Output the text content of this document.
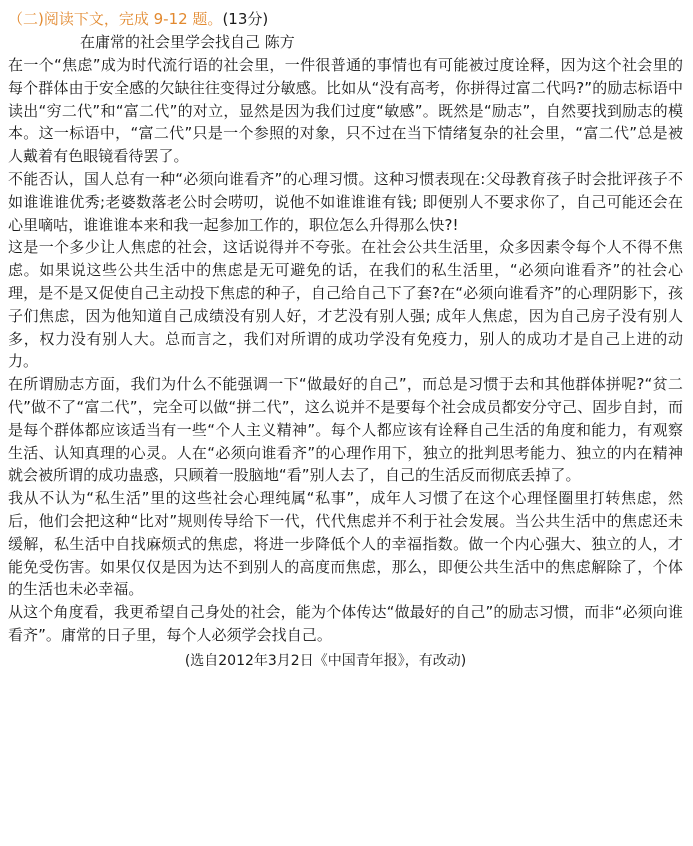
（二)阅读下文，完成 9-12 题。(13分)
在庸常的社会里学会找自己 陈方

在一个“焦虑”成为时代流行语的社会里，一件很普通的事情也有可能被过度诠释，因为这个社会里的每个群体由于安全感的欠缺往往变得过分敏感。比如从“没有高考，你拼得过富二代吗?”的励志标语中读出“穷二代”和“富二代”的对立，显然是因为我们过度“敏感”。既然是“励志”，自然要找到励志的模本。这一标语中，“富二代”只是一个参照的对象，只不过在当下情绪复杂的社会里，“富二代”总是被人戴着有色眼镜看待罢了。

不能否认，国人总有一种“必须向谁看齐”的心理习惯。这种习惯表现在:父母教育孩子时会批评孩子不如谁谁谁优秀;老婆数落老公时会唠叨，说他不如谁谁谁有钱; 即便别人不要求你了，自己可能还会在心里嘀咕，谁谁谁本来和我一起参加工作的，职位怎么升得那么快?!

这是一个多少让人焦虑的社会，这话说得并不夸张。在社会公共生活里，众多因素令每个人不得不焦虑。如果说这些公共生活中的焦虑是无可避免的话，在我们的私生活里，“必须向谁看齐”的社会心理，是不是又促使自己主动投下焦虑的种子，自己给自己下了套?在“必须向谁看齐”的心理阴影下，孩子们焦虑，因为他知道自己成绩没有别人好，才艺没有别人强; 成年人焦虑，因为自己房子没有别人多，权力没有别人大。总而言之，我们对所谓的成功学没有免疫力，别人的成功才是自己上进的动力。

在所谓励志方面，我们为什么不能强调一下“做最好的自己”，而总是习惯于去和其他群体拼呢?“贫二代”做不了“富二代”，完全可以做“拼二代”，这么说并不是要每个社会成员都安分守己、固步自封，而是每个群体都应该适当有一些“个人主义精神”。每个人都应该有诠释自己生活的角度和能力，有观察生活、认知真理的心灵。人在“必须向谁看齐”的心理作用下，独立的批判思考能力、独立的内在精神就会被所谓的成功蛊惑，只顾着一股脑地“看”别人去了，自己的生活反而彻底丢掉了。

我从不认为“私生活”里的这些社会心理纯属“私事”，成年人习惯了在这个心理怪圈里打转焦虑，然后，他们会把这种“比对”规则传导给下一代，代代焦虑并不利于社会发展。当公共生活中的焦虑还未缓解，私生活中自找麻烦式的焦虑，将进一步降低个人的幸福指数。做一个内心强大、独立的人，才能免受伤害。如果仅仅是因为达不到别人的高度而焦虑，那么，即便公共生活中的焦虑解除了，个体的生活也未必幸福。

从这个角度看，我更希望自己身处的社会，能为个体传达“做最好的自己”的励志习惯，而非“必须向谁看齐”。庸常的日子里，每个人必须学会找自己。

(选自2012年3月2日《中国青年报》，有改动)
